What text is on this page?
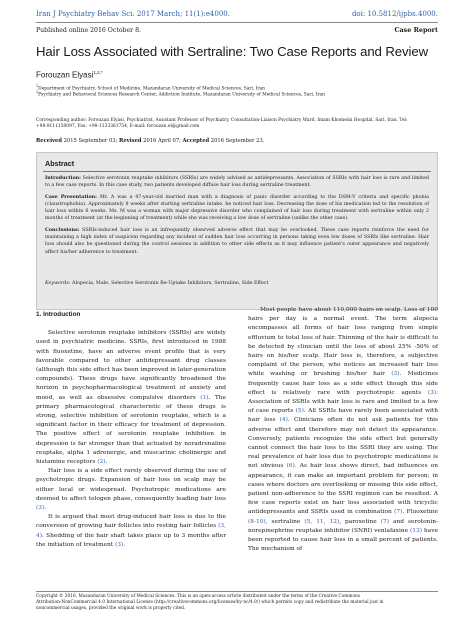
Iran J Psychiatry Behav Sci. 2017 March; 11(1):e4000.	doi: 10.5812/ijpbs.4000.
Published online 2016 October 8.	Case Report
Hair Loss Associated with Sertraline: Two Case Reports and Review
Forouzan Elyasi$^{1,2,*}$
$^1$Department of Psychiatry, School of Medicine, Mazandaran University of Medical Sciences, Sari, Iran
$^2$Psychiatry and Behavioral Sciences Research Center, Addiction Institute, Mazandaran University of Medical Sciences, Sari, Iran
Corresponding author: Forouzan Elyasi, Psychiatrist, Assistant Professor of Psychiatry, Consultation-Liaison Psychiatry Ward, Imam Khomeini Hospital, Sari, Iran. Tel:
+98-9111150097, Fax: +98-1133361754, E-mail: forouzan.el@gmail.com
Received 2015 September 03; Revised 2016 April 07; Accepted 2016 September 23.
Abstract

Introduction: Selective serotonin reuptake inhibitors (SSRIs) are widely advised as antidepressants. Association of SSRIs with hair loss is rare and limited to a few case reports. In this case study, two patients developed diffuse hair loss during sertraline treatment.

Case Presentation: Mr. A was a 47-year-old married man with a diagnosis of panic disorder according to the DSM-V criteria and specific phobia (claustrophobia). Approximately 8 weeks after starting sertraline intake, he noticed hair loss. Decreasing the dose of his medication led to the resolution of hair loss within 6 weeks. Ms. M was a woman with major depressive disorder who complained of hair loss during treatment with sertraline within only 2 months of treatment (at the beginning of treatment) while she was receiving a low dose of sertraline (unlike the other case).

Conclusions: SSRIs-induced hair loss is an infrequently observed adverse effect that may be overlooked. These case reports reinforce the need for maintaining a high index of suspicion regarding any incident of sudden hair loss occurring in persons taking even low doses of SSRIs like sertraline. Hair loss should also be questioned during the control sessions in addition to other side effects as it may influence patient's outer appearance and negatively affect his/her adherence to treatment.

Keywords: Alopecia, Male, Selective Serotonin Re-Uptake Inhibitors, Sertraline, Side Effect
1. Introduction

Selective serotonin reuptake inhibitors (SSRIs) are widely used in psychiatric medicine. SSRIs, first introduced in 1988 with fluoxetine, have an adverse event profile that is very favorable compared to other antidepressant drug classes (although this side effect has been improved in later-generation compounds). These drugs have significantly broadened the horizon in psychopharmacological treatment of anxiety and mood, as well as obsessive compulsive disorders (1). The primary pharmacological characteristic of these drugs is strong, selective inhibition of serotonin reuptake, which is a significant factor in their efficacy for treatment of depression. The positive effect of serotonin reuptake inhibition in depression is far stronger than that actuated by noradrenaline reuptake, alpha 1 adrenergic, and muscarinic cholinergic and histamine receptors (2).

Hair loss is a side effect rarely observed during the use of psychotropic drugs. Expansion of hair loss on scalp may be either local or widespread. Psychotropic medications are deemed to affect telogen phase, consequently leading hair loss (3).

It is argued that most drug-induced hair loss is due to the conversion of growing hair follicles into resting hair follicles (3, 4). Shedding of the hair shaft takes place up to 3 months after the initiation of treatment (3).

Most people have about 110,000 hairs on scalp. Loss of 100 hairs per day is a normal event. The term alopecia encompasses all forms of hair loss ranging from simple effluvium to total loss of hair. Thinning of the hair is difficult to be detected by clinician until the loss of about 25% -50% of hairs on his/her scalp. Hair loss is, therefore, a subjective complaint of the person, who notices an increased hair loss while washing or brushing his/her hair (3). Medicines frequently cause hair loss as a side effect though this side effect is relatively rare with psychotropic agents (3). Association of SSRIs with hair loss is rare and limited to a few of case reports (5). All SSRIs have rarely been associated with hair loss (4). Clinicians often do not ask patients for this adverse effect and therefore may not detect its appearance. Conversely, patients recognize the side effect but generally cannot connect the hair loss to the SSRI they are using. The real prevalence of hair loss due to psychotropic medications is not obvious (6). As hair loss shows direct, bad influences on appearance, it can make an important problem for person; in cases where doctors are overlooking or missing this side effect, patient non-adherence to the SSRI regimen can be resulted. A few case reports exist on hair loss associated with tricyclic antidepressants and SSRIs used in combination (7). Fluoxetine (8-10), sertraline (5, 11, 12), paroxetine (7) and serotonin-norepinephrine reuptake inhibitor (SNRI) venlafaxine (13) have been reported to cause hair loss in a small percent of patients. The mechanism of

Copyright © 2016, Mazandaran University of Medical Sciences. This is an open-access article distributed under the terms of the Creative Commons
Attribution-NonCommercial 4.0 International License (http://creativecommons.org/licenses/by-nc/4.0/) which permits copy and redistribute the material just in
noncommercial usages, provided the original work is properly cited.
